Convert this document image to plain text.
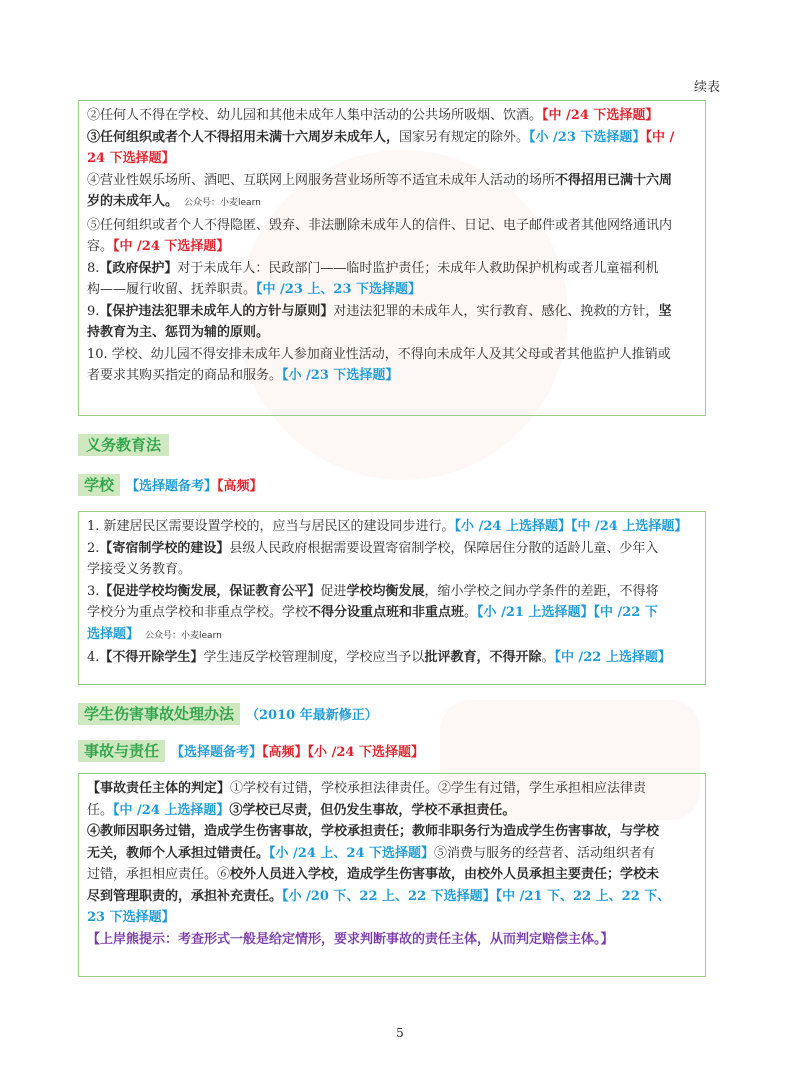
续表

②任何人不得在学校、幼儿园和其他未成年人集中活动的公共场所吸烟、饮酒。【中 /24 下选择题】

③任何组织或者个人不得招用未满十六周岁未成年人，国家另有规定的除外。【小 /23 下选择题】【中 /
24 下选择题】

④营业性娱乐场所、酒吧、互联网上网服务营业场所等不适宜未成年人活动的场所不得招用已满十六周
岁的未成年人。 公众号：小麦learn

⑤任何组织或者个人不得隐匿、毁弃、非法删除未成年人的信件、日记、电子邮件或者其他网络通讯内
容。【中 /24 下选择题】

8.【政府保护】对于未成年人：民政部门——临时监护责任；未成年人救助保护机构或者儿童福利机
构——履行收留、抚养职责。【中 /23 上、23 下选择题】

9.【保护违法犯罪未成年人的方针与原则】对违法犯罪的未成年人，实行教育、感化、挽救的方针，坚
持教育为主、惩罚为辅的原则。

10. 学校、幼儿园不得安排未成年人参加商业性活动，不得向未成年人及其父母或者其他监护人推销或
者要求其购买指定的商品和服务。【小 /23 下选择题】

义务教育法
学校 【选择题备考】【高频】

1. 新建居民区需要设置学校的，应当与居民区的建设同步进行。【小 /24 上选择题】【中 /24 上选择题】

2.【寄宿制学校的建设】县级人民政府根据需要设置寄宿制学校，保障居住分散的适龄儿童、少年入
学接受义务教育。

3.【促进学校均衡发展，保证教育公平】促进学校均衡发展，缩小学校之间办学条件的差距，不得将
学校分为重点学校和非重点学校。学校不得分设重点班和非重点班。【小 /21 上选择题】【中 /22 下
选择题】 公众号：小麦learn

4.【不得开除学生】学生违反学校管理制度，学校应当予以批评教育，不得开除。【中 /22 上选择题】

学生伤害事故处理办法 （2010 年最新修正）
事故与责任 【选择题备考】【高频】【小 /24 下选择题】

【事故责任主体的判定】①学校有过错，学校承担法律责任。②学生有过错，学生承担相应法律责
任。【中 /24 上选择题】③学校已尽责，但仍发生事故，学校不承担责任。

④教师因职务过错，造成学生伤害事故，学校承担责任；教师非职务行为造成学生伤害事故，与学校
无关，教师个人承担过错责任。【小 /24 上、24 下选择题】⑤消费与服务的经营者、活动组织者有

过错，承担相应责任。⑥校外人员进入学校，造成学生伤害事故，由校外人员承担主要责任；学校未
尽到管理职责的，承担补充责任。【小 /20 下、22 上、22 下选择题】【中 /21 下、22 上、22 下、
23 下选择题】

【上岸熊提示：考查形式一般是给定情形，要求判断事故的责任主体，从而判定赔偿主体。】

5
